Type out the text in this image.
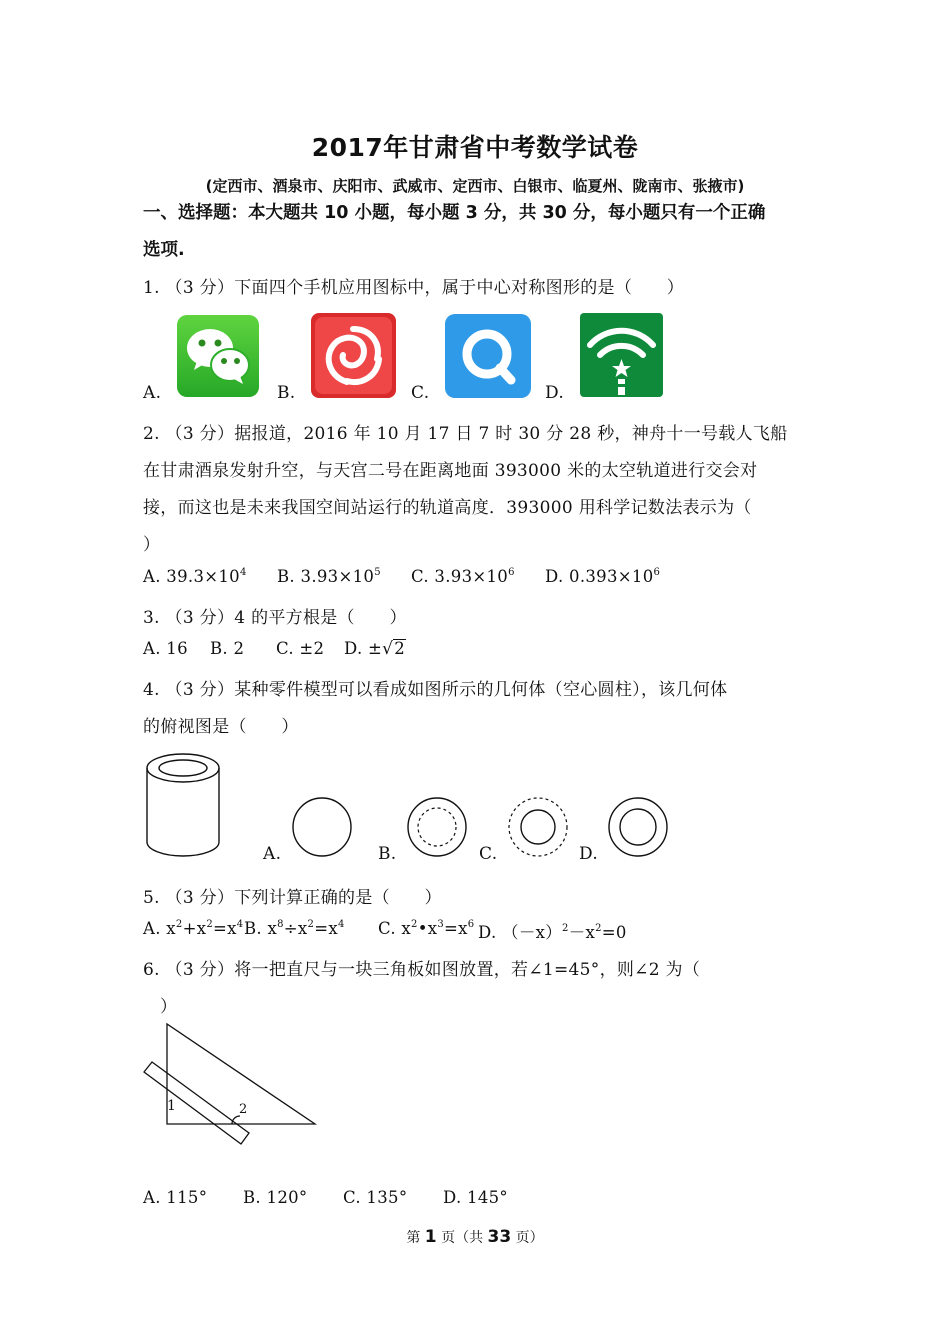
2017年甘肃省中考数学试卷
(定西市、酒泉市、庆阳市、武威市、定西市、白银市、临夏州、陇南市、张掖市)
一、选择题：本大题共 10 小题，每小题 3 分，共 30 分，每小题只有一个正确
选项.
1. （3 分）下面四个手机应用图标中，属于中心对称图形的是（　　）
A.	B.	C.	D.
2. （3 分）据报道，2016 年 10 月 17 日 7 时 30 分 28 秒，神舟十一号载人飞船
在甘肃酒泉发射升空，与天宫二号在距离地面 393000 米的太空轨道进行交会对
接，而这也是未来我国空间站运行的轨道高度．393000 用科学记数法表示为（
）
A. $39.3\times 10^4$ B. $3.93\times 10^5$ C. $3.93\times 10^6$ D. $0.393\times 10^6$
3. （3 分）4 的平方根是（　　）
A. 16 B. 2 C. ±2 D. ±√2
4. （3 分）某种零件模型可以看成如图所示的几何体（空心圆柱），该几何体
的俯视图是（　　）
A.	B.	C.	D.
5. （3 分）下列计算正确的是（　　）
A. $x^2+x^2=x^4$ B. $x^8\div x^2=x^4$ C. $x^2•x^3=x^6$ D. $(-x)^2-x^2=0$
6. （3 分）将一把直尺与一块三角板如图放置，若∠1=45°，则∠2 为（
）
1	2
A. 115° B. 120° C. 135° D. 145°
第 1 页（共 33 页）
